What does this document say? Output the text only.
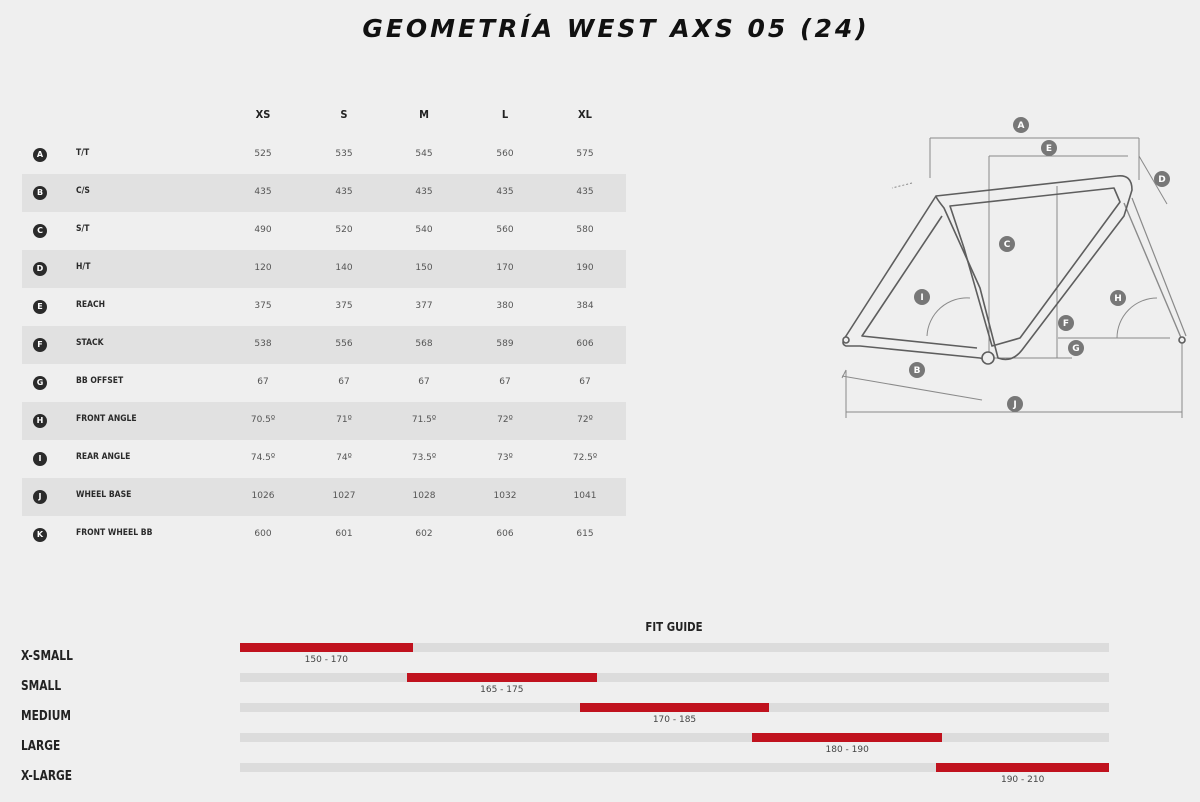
GEOMETRÍA WEST AXS 05 (24)
XS	S	M	L	XL
A	T/T	525	535	545	560	575
B	C/S	435	435	435	435	435
C	S/T	490	520	540	560	580
D	H/T	120	140	150	170	190
E	REACH	375	375	377	380	384
F	STACK	538	556	568	589	606
G	BB OFFSET	67	67	67	67	67
H	FRONT ANGLE	70.5º	71º	71.5º	72º	72º
I	REAR ANGLE	74.5º	74º	73.5º	73º	72.5º
J	WHEEL BASE	1026	1027	1028	1032	1041
K	FRONT WHEEL BB	600	601	602	606	615
A
E
D
C
I	H
F
G
B
J
FIT GUIDE
X-SMALL	150 - 170
SMALL	165 - 175
MEDIUM	170 - 185
LARGE	180 - 190
X-LARGE	190 - 210
